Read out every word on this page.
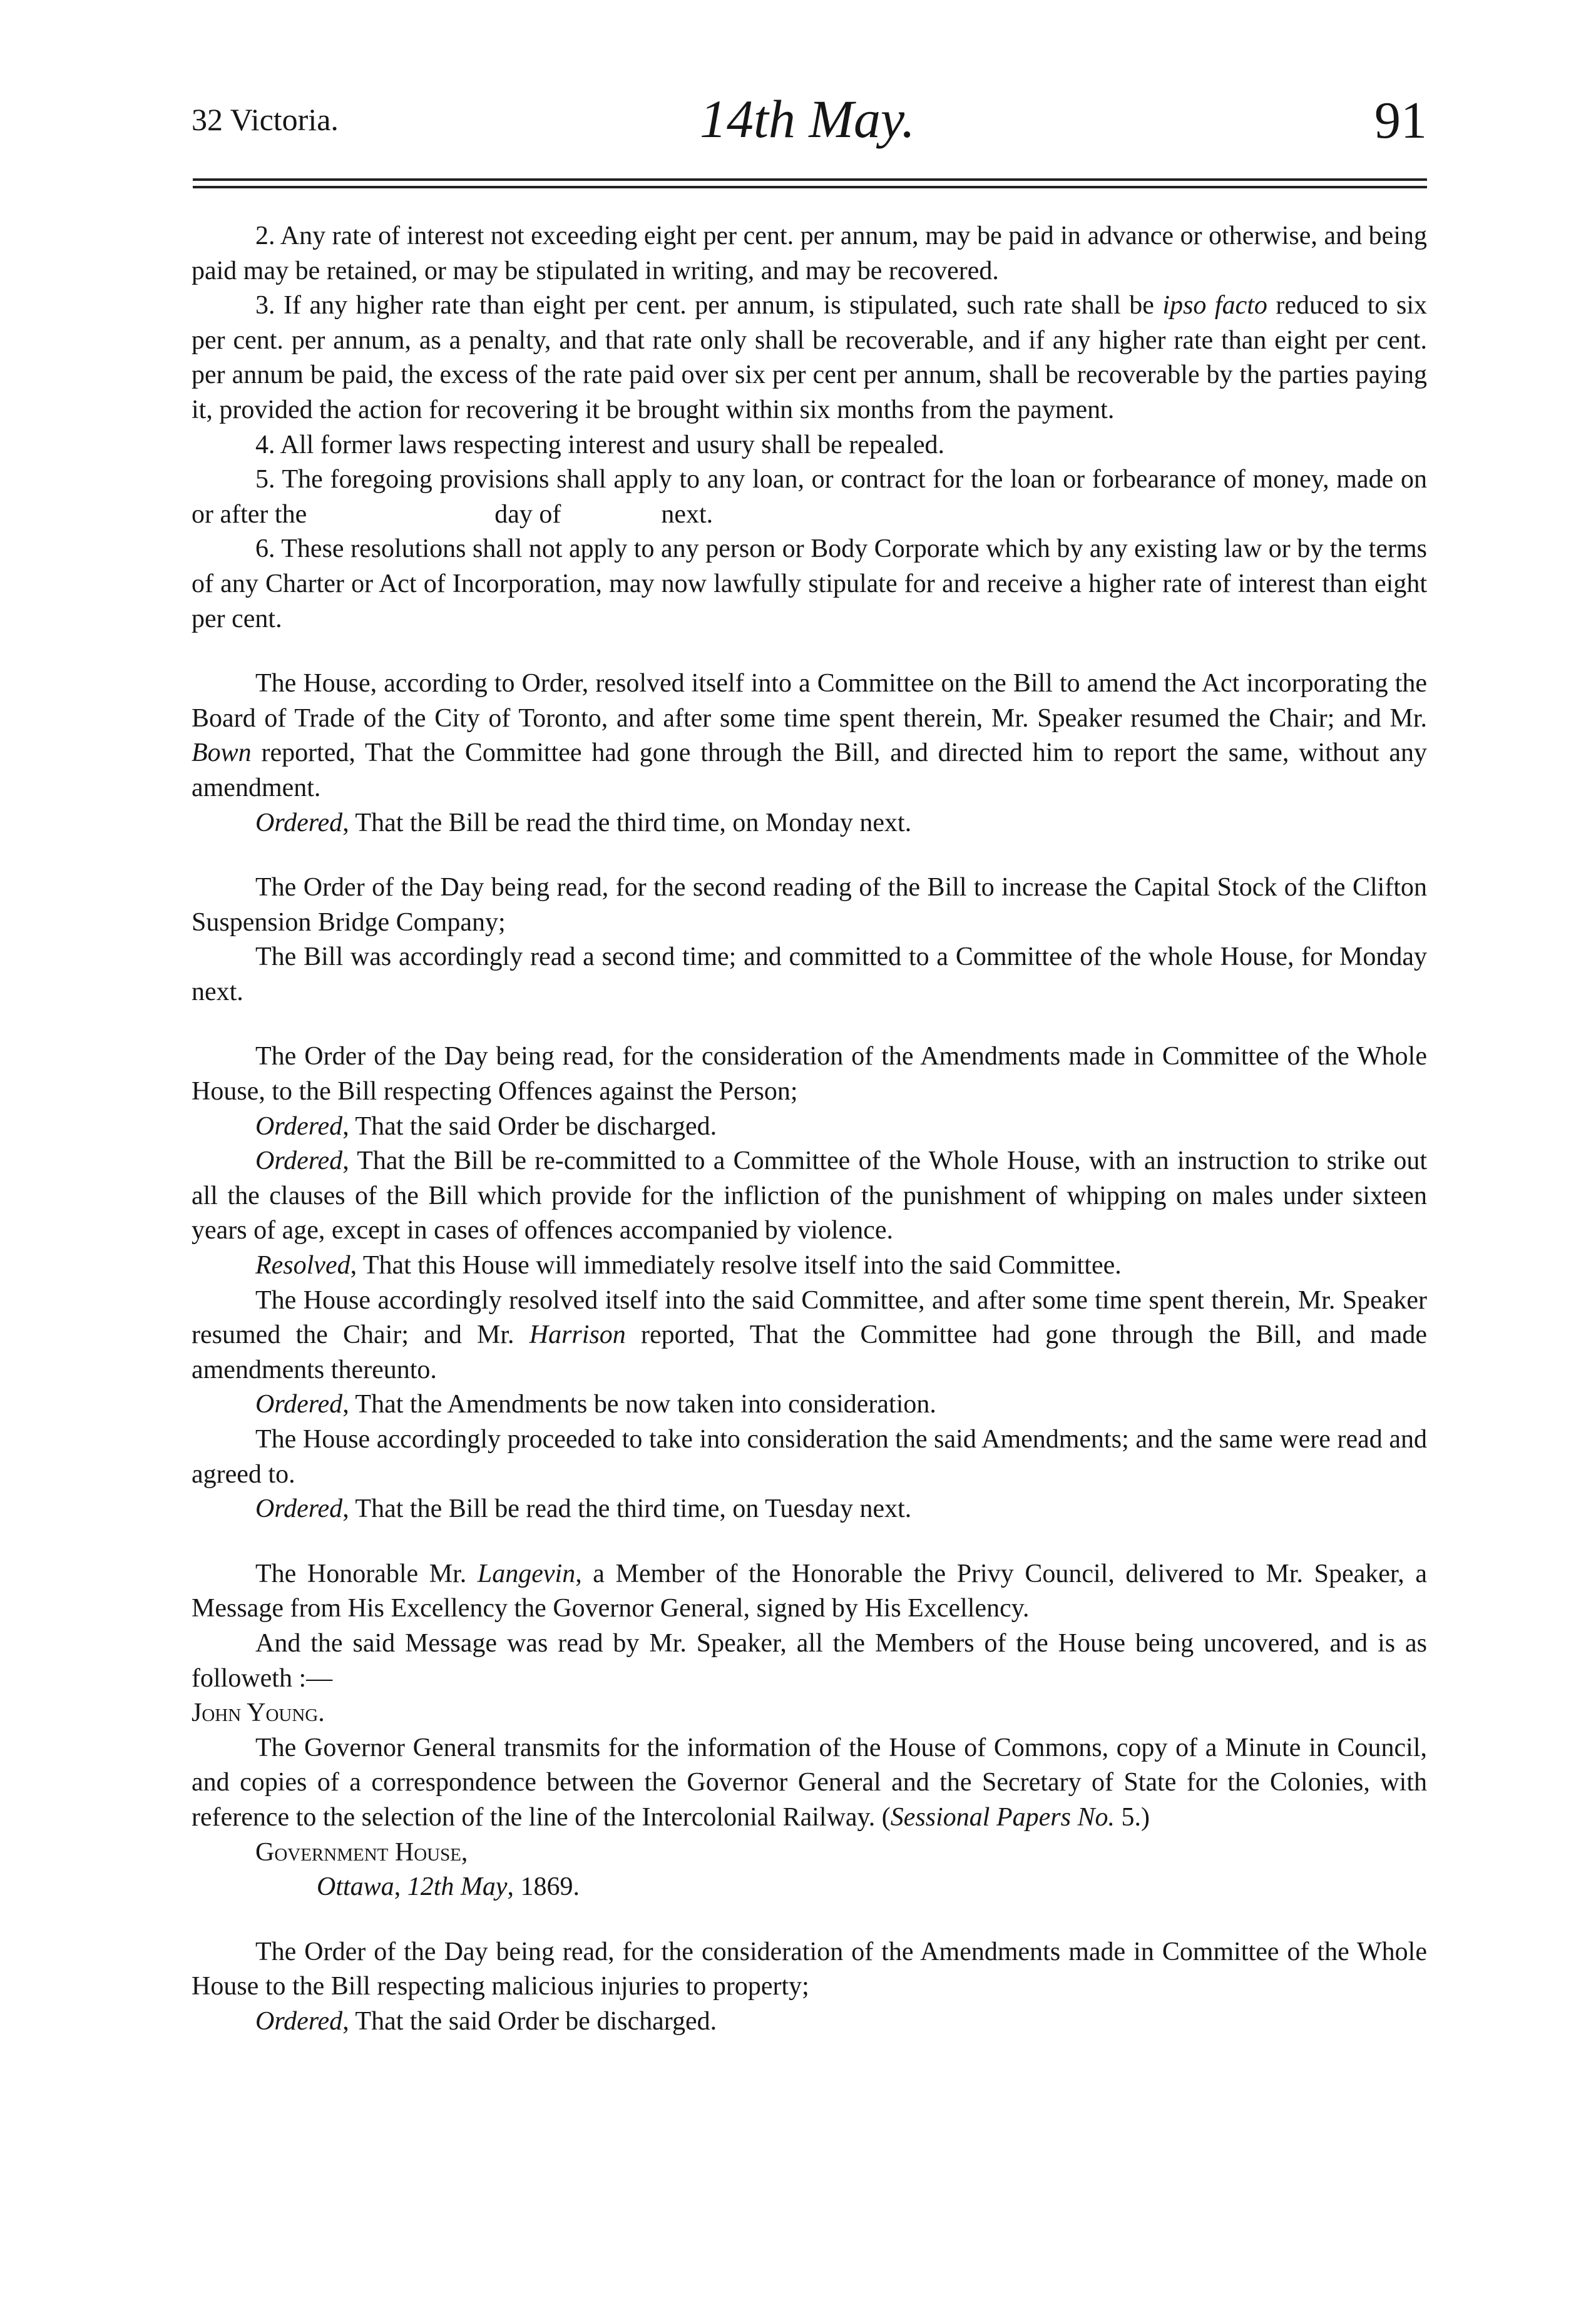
32 Victoria.	14th May.	91

2. Any rate of interest not exceeding eight per cent. per annum, may be paid in advance or otherwise, and being paid may be retained, or may be stipulated in writing, and may be recovered.

3. If any higher rate than eight per cent. per annum, is stipulated, such rate shall be ipso facto reduced to six per cent. per annum, as a penalty, and that rate only shall be recoverable, and if any higher rate than eight per cent. per annum be paid, the excess of the rate paid over six per cent per annum, shall be recoverable by the parties paying it, provided the action for recovering it be brought within six months from the payment.

4. All former laws respecting interest and usury shall be repealed.

5. The foregoing provisions shall apply to any loan, or contract for the loan or forbearance of money, made on or after the	day of	next.

6. These resolutions shall not apply to any person or Body Corporate which by any existing law or by the terms of any Charter or Act of Incorporation, may now lawfully stipulate for and receive a higher rate of interest than eight per cent.

The House, according to Order, resolved itself into a Committee on the Bill to amend the Act incorporating the Board of Trade of the City of Toronto, and after some time spent therein, Mr. Speaker resumed the Chair; and Mr. Bown reported, That the Committee had gone through the Bill, and directed him to report the same, without any amendment.

Ordered, That the Bill be read the third time, on Monday next.

The Order of the Day being read, for the second reading of the Bill to increase the Capital Stock of the Clifton Suspension Bridge Company;

The Bill was accordingly read a second time; and committed to a Committee of the whole House, for Monday next.

The Order of the Day being read, for the consideration of the Amendments made in Committee of the Whole House, to the Bill respecting Offences against the Person;

Ordered, That the said Order be discharged.

Ordered, That the Bill be re-committed to a Committee of the Whole House, with an instruction to strike out all the clauses of the Bill which provide for the infliction of the punishment of whipping on males under sixteen years of age, except in cases of offences accompanied by violence.

Resolved, That this House will immediately resolve itself into the said Committee.

The House accordingly resolved itself into the said Committee, and after some time spent therein, Mr. Speaker resumed the Chair; and Mr. Harrison reported, That the Committee had gone through the Bill, and made amendments thereunto.

Ordered, That the Amendments be now taken into consideration.

The House accordingly proceeded to take into consideration the said Amendments; and the same were read and agreed to.

Ordered, That the Bill be read the third time, on Tuesday next.

The Honorable Mr. Langevin, a Member of the Honorable the Privy Council, delivered to Mr. Speaker, a Message from His Excellency the Governor General, signed by His Excellency.

And the said Message was read by Mr. Speaker, all the Members of the House being uncovered, and is as followeth :—

John Young.

The Governor General transmits for the information of the House of Commons, copy of a Minute in Council, and copies of a correspondence between the Governor General and the Secretary of State for the Colonies, with reference to the selection of the line of the Intercolonial Railway. (Sessional Papers No. 5.)

Government House,

Ottawa, 12th May, 1869.

The Order of the Day being read, for the consideration of the Amendments made in Committee of the Whole House to the Bill respecting malicious injuries to property;

Ordered, That the said Order be discharged.
